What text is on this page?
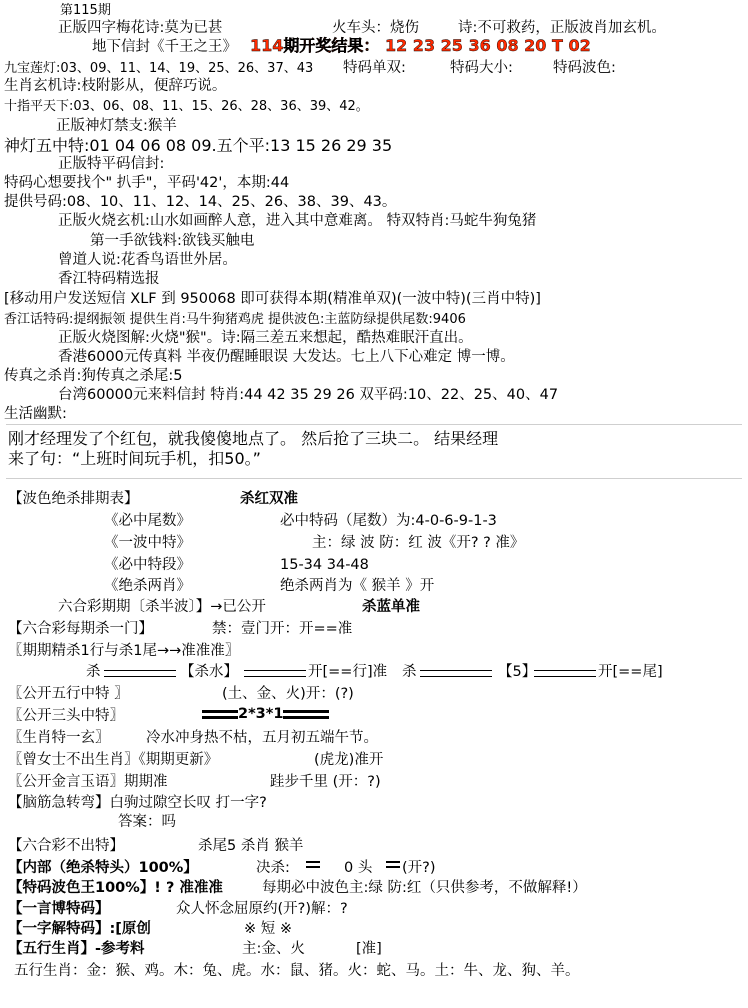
第115期
正版四字梅花诗:莫为已甚	火车头：烧伤	诗:不可救药，正版波肖加玄机。
地下信封《千王之王》 114期开奖结果： 12 23 25 36 08 20 T 02
九宝莲灯:03、09、11、14、19、25、26、37、43 特码单双:	特码大小:	特码波色:
生肖玄机诗:枝附影从，便辞巧说。
十指平天下:03、06、08、11、15、26、28、36、39、42。
正版神灯禁支:猴羊
神灯五中特:01 04 06 08 09.五个平:13 15 26 29 35
正版特平码信封:
特码心想要找个" 扒手"，平码'42'，本期:44
提供号码:08、10、11、12、14、25、26、38、39、43。
正版火烧玄机:山水如画醉人意，进入其中意难离。 特双特肖:马蛇牛狗兔猪
第一手欲钱料:欲钱买触电
曾道人说:花香鸟语世外居。
香江特码精选报
[移动用户发送短信 XLF 到 950068 即可获得本期(精准单双)(一波中特)(三肖中特)]
香江话特码:提纲振领 提供生肖:马牛狗猪鸡虎 提供波色:主蓝防绿提供尾数:9406
正版火烧图解:火烧"猴"。诗:隔三差五来想起，酷热难眠汗直出。
香港6000元传真料 半夜仍醒睡眼误 大发达。七上八下心难定 博一博。
传真之杀肖:狗传真之杀尾:5
台湾60000元来料信封 特肖:44 42 35 29 26 双平码:10、22、25、40、47
生活幽默:
刚才经理发了个红包，就我傻傻地点了。 然后抢了三块二。 结果经理
来了句：“上班时间玩手机，扣50。”
【波色绝杀排期表】	杀红双准
《必中尾数》	必中特码（尾数）为:4-0-6-9-1-3
《一波中特》	主：绿 波 防：红 波《开? ? 准》
《必中特段》	15-34 34-48
《绝杀两肖》	绝杀两肖为《 猴羊 》开
六合彩期期〔杀半波〕】→已公开	杀蓝单准
【六合彩每期杀一门】	禁：壹门开：开==准
〖期期精杀1行与杀1尾→→准准准〗
杀	【杀水】	开[==行]准 杀	【5】	开[==尾]
〖公开五行中特 〗	(土、金、火)开：(?)
〖公开三头中特〗	2*3*1
〖生肖特一玄〗	冷水冲身热不枯，五月初五端午节。
〖曾女士不出生肖〗《期期更新》	(虎龙)准开
〖公开金言玉语〗期期准	跬步千里 (开：?)
【脑筋急转弯】白驹过隙空长叹 打一字?
答案：吗
【六合彩不出特】	杀尾5 杀肖 猴羊
【内部（绝杀特头）100%】	决杀:	0 头 (开?)
【特码波色王100%】! ? 准准准	每期必中波色主:绿 防:红（只供参考，不做解释!）
【一言博特码】	众人怀念屈原约(开?)解：?
【一字解特码】:[原创	※ 短 ※
【五行生肖】-参考料	主:金、火	[准]
五行生肖：金：猴、鸡。木：兔、虎。水：鼠、猪。火：蛇、马。土：牛、龙、狗、羊。
